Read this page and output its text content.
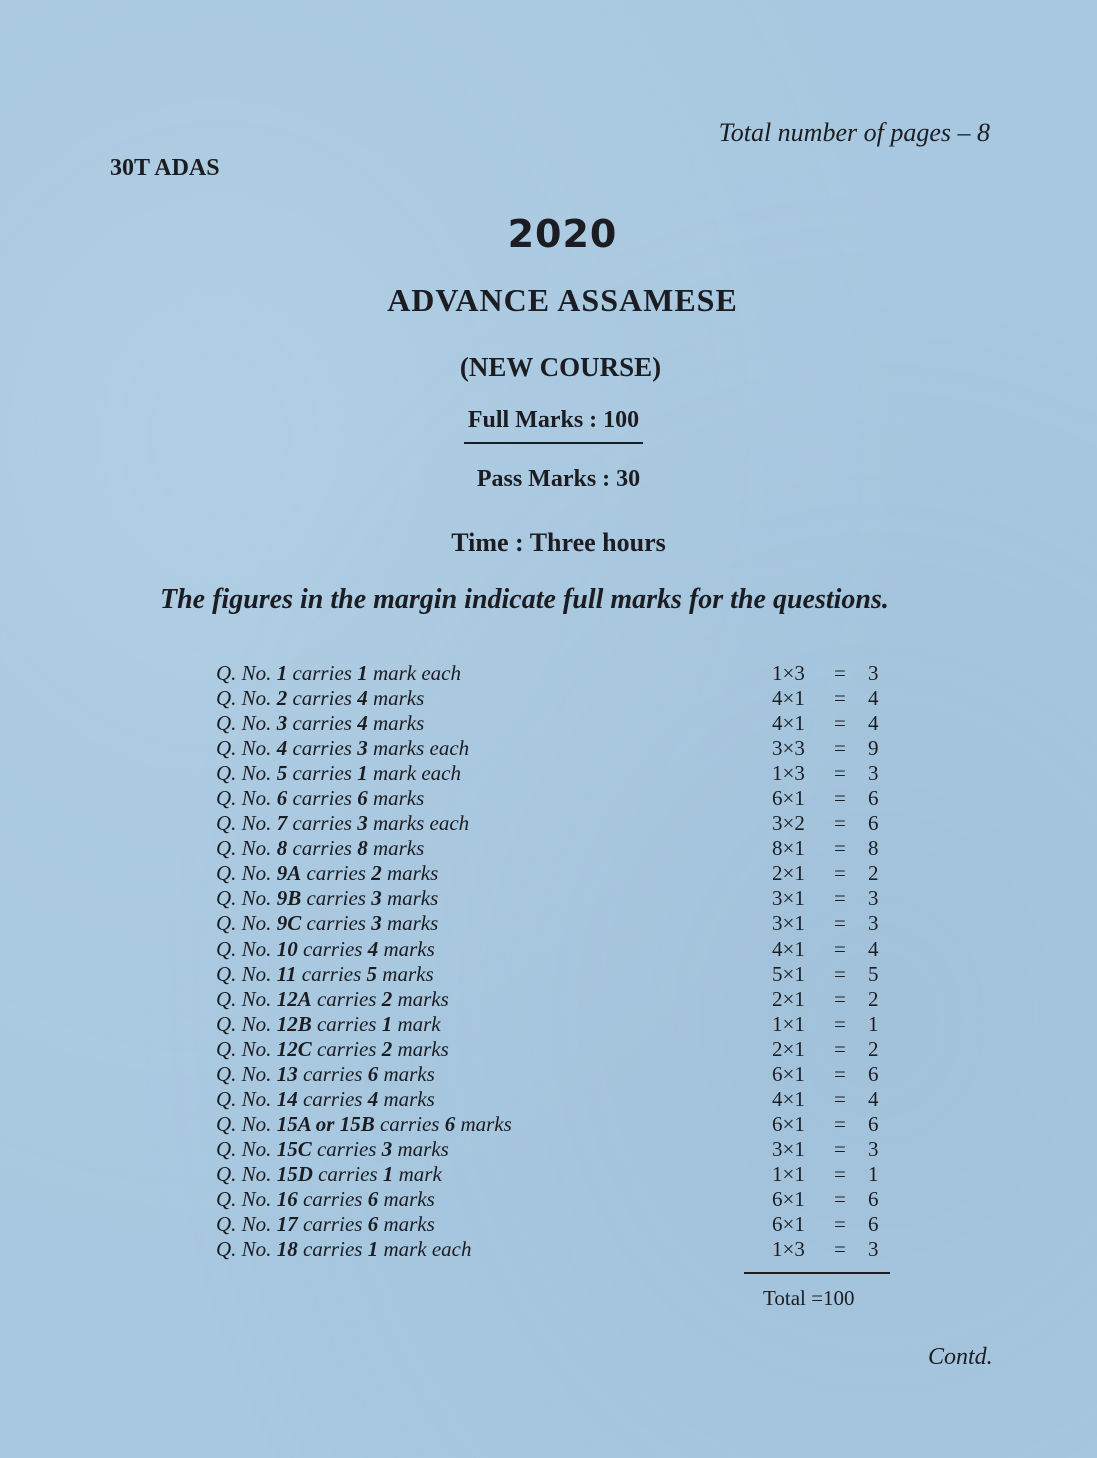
Total number of pages – 8
30T ADAS
2020
ADVANCE ASSAMESE
(NEW COURSE)
Full Marks : 100
Pass Marks : 30
Time : Three hours
The figures in the margin indicate full marks for the questions.
Q. No. 1 carries 1 mark each	1×3 = 3
Q. No. 2 carries 4 marks	4×1 = 4
Q. No. 3 carries 4 marks	4×1 = 4
Q. No. 4 carries 3 marks each	3×3 = 9
Q. No. 5 carries 1 mark each	1×3 = 3
Q. No. 6 carries 6 marks	6×1 = 6
Q. No. 7 carries 3 marks each	3×2 = 6
Q. No. 8 carries 8 marks	8×1 = 8
Q. No. 9A carries 2 marks	2×1 = 2
Q. No. 9B carries 3 marks	3×1 = 3
Q. No. 9C carries 3 marks	3×1 = 3
Q. No. 10 carries 4 marks	4×1 = 4
Q. No. 11 carries 5 marks	5×1 = 5
Q. No. 12A carries 2 marks	2×1 = 2
Q. No. 12B carries 1 mark	1×1 = 1
Q. No. 12C carries 2 marks	2×1 = 2
Q. No. 13 carries 6 marks	6×1 = 6
Q. No. 14 carries 4 marks	4×1 = 4
Q. No. 15A or 15B carries 6 marks	6×1 = 6
Q. No. 15C carries 3 marks	3×1 = 3
Q. No. 15D carries 1 mark	1×1 = 1
Q. No. 16 carries 6 marks	6×1 = 6
Q. No. 17 carries 6 marks	6×1 = 6
Q. No. 18 carries 1 mark each	1×3 = 3
Total =100
Contd.
